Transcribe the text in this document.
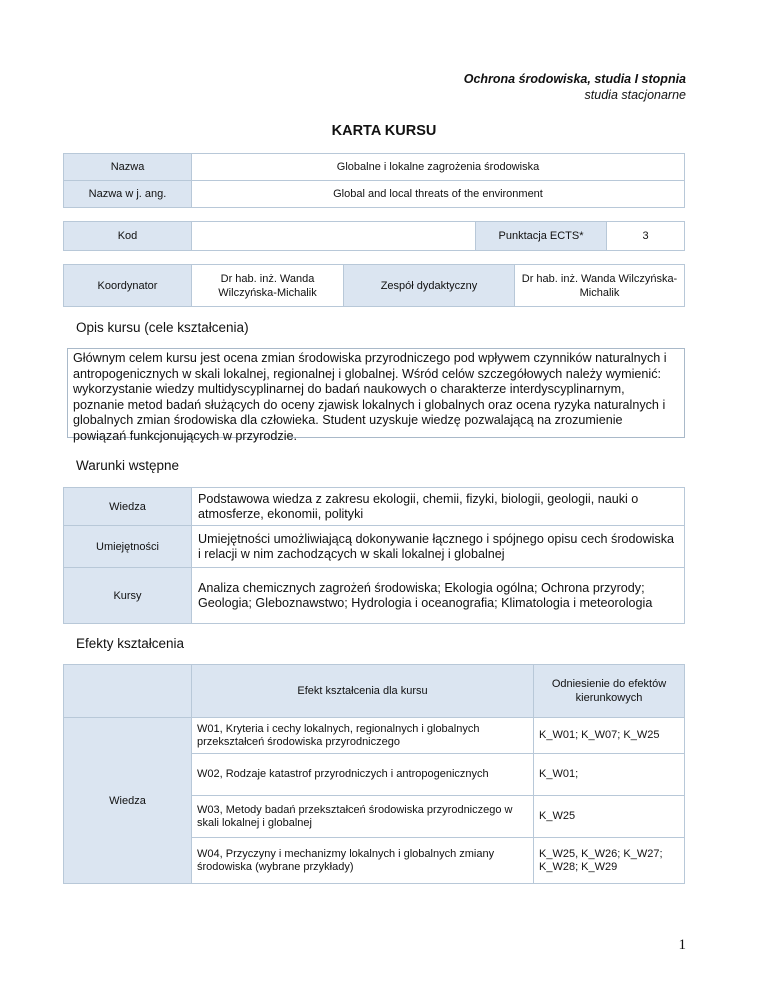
Ochrona środowiska, studia I stopnia
studia stacjonarne
KARTA KURSU
Nazwa	Globalne i lokalne zagrożenia środowiska
Nazwa w j. ang.	Global and local threats of the environment
Kod		Punktacja ECTS*	3
Koordynator	Dr hab. inż. Wanda Wilczyńska-Michalik	Zespół dydaktyczny	Dr hab. inż. Wanda Wilczyńska-Michalik
Opis kursu (cele kształcenia)
Głównym celem kursu jest ocena zmian środowiska przyrodniczego pod wpływem czynników naturalnych i antropogenicznych w skali lokalnej, regionalnej i globalnej. Wśród celów szczegółowych należy wymienić: wykorzystanie wiedzy multidyscyplinarnej do badań naukowych o charakterze interdyscyplinarnym, poznanie metod badań służących do oceny zjawisk lokalnych i globalnych oraz ocena ryzyka naturalnych i globalnych zmian środowiska dla człowieka. Student uzyskuje wiedzę pozwalającą na zrozumienie powiązań funkcjonujących w przyrodzie.
Warunki wstępne
Wiedza	Podstawowa wiedza z zakresu ekologii, chemii, fizyki, biologii, geologii, nauki o atmosferze, ekonomii, polityki
Umiejętności	Umiejętności umożliwiającą dokonywanie łącznego i spójnego opisu cech środowiska i relacji w nim zachodzących w skali lokalnej i globalnej
Kursy	Analiza chemicznych zagrożeń środowiska; Ekologia ogólna; Ochrona przyrody; Geologia; Gleboznawstwo; Hydrologia i oceanografia; Klimatologia i meteorologia
Efekty kształcenia
	Efekt kształcenia dla kursu	Odniesienie do efektów kierunkowych
Wiedza	W01, Kryteria i cechy lokalnych, regionalnych i globalnych przekształceń środowiska przyrodniczego	K_W01; K_W07; K_W25
	W02, Rodzaje katastrof przyrodniczych i antropogenicznych	K_W01;
	W03, Metody badań przekształceń środowiska przyrodniczego w skali lokalnej i globalnej	K_W25
	W04, Przyczyny i mechanizmy lokalnych i globalnych zmiany środowiska (wybrane przykłady)	K_W25, K_W26; K_W27; K_W28; K_W29
1
